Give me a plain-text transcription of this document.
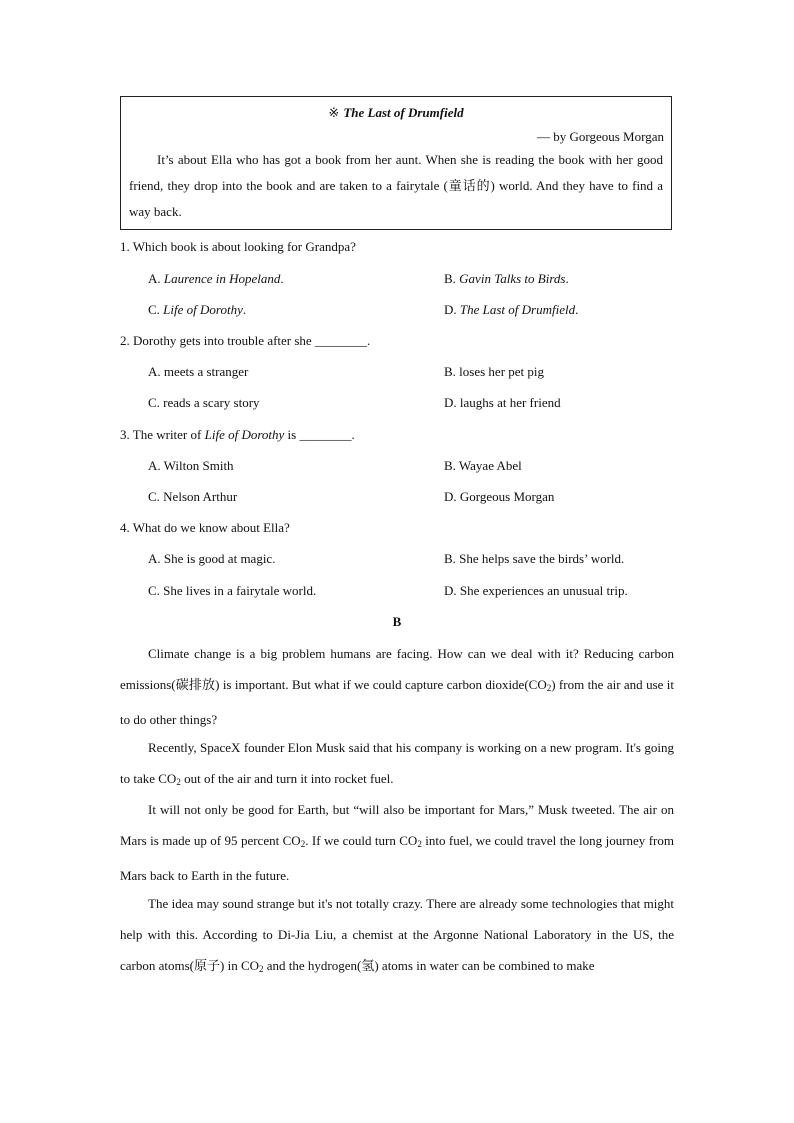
※ The Last of Drumfield
— by Gorgeous Morgan
It’s about Ella who has got a book from her aunt. When she is reading the book with her good friend, they drop into the book and are taken to a fairytale (童话的) world. And they have to find a way back.
1. Which book is about looking for Grandpa?
A. Laurence in Hopeland.	B. Gavin Talks to Birds.
C. Life of Dorothy.	D. The Last of Drumfield.
2. Dorothy gets into trouble after she ________.
A. meets a stranger	B. loses her pet pig
C. reads a scary story	D. laughs at her friend
3. The writer of Life of Dorothy is ________.
A. Wilton Smith	B. Wayae Abel
C. Nelson Arthur	D. Gorgeous Morgan
4. What do we know about Ella?
A. She is good at magic.	B. She helps save the birds’ world.
C. She lives in a fairytale world.	D. She experiences an unusual trip.
B
Climate change is a big problem humans are facing. How can we deal with it? Reducing carbon emissions(碳排放) is important. But what if we could capture carbon $dioxide(CO_2)$ from the air and use it to do other things?
Recently, SpaceX founder Elon Musk said that his company is working on a new program. It's going to take $CO_2$ out of the air and turn it into rocket fuel.
It will not only be good for Earth, but “will also be important for Mars,” Musk tweeted. The air on Mars is made up of 95 percent $CO_2$. If we could turn $CO_2$ into fuel, we could travel the long journey from Mars back to Earth in the future.
The idea may sound strange but it's not totally crazy. There are already some technologies that might help with this. According to Di-Jia Liu, a chemist at the Argonne National Laboratory in the US, the carbon atoms(原子) in $CO_2$ and the hydrogen(氢) atoms in water can be combined to make
